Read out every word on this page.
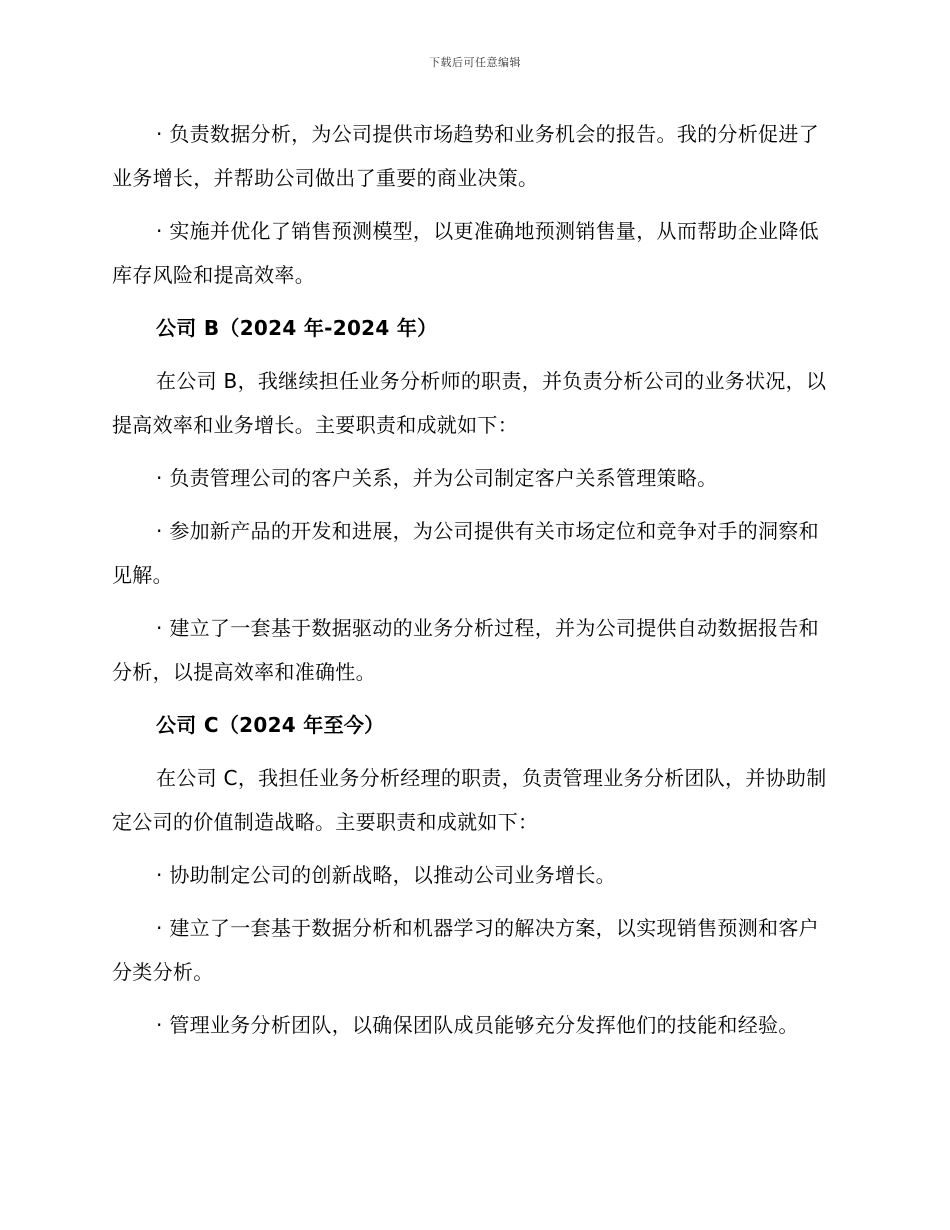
下载后可任意编辑

· 负责数据分析，为公司提供市场趋势和业务机会的报告。我的分析促进了业务增长，并帮助公司做出了重要的商业决策。

· 实施并优化了销售预测模型，以更准确地预测销售量，从而帮助企业降低库存风险和提高效率。

公司 B（2024 年-2024 年）

在公司 B，我继续担任业务分析师的职责，并负责分析公司的业务状况，以提高效率和业务增长。主要职责和成就如下：

· 负责管理公司的客户关系，并为公司制定客户关系管理策略。

· 参加新产品的开发和进展，为公司提供有关市场定位和竞争对手的洞察和见解。

· 建立了一套基于数据驱动的业务分析过程，并为公司提供自动数据报告和分析，以提高效率和准确性。

公司 C（2024 年至今）

在公司 C，我担任业务分析经理的职责，负责管理业务分析团队，并协助制定公司的价值制造战略。主要职责和成就如下：

· 协助制定公司的创新战略，以推动公司业务增长。

· 建立了一套基于数据分析和机器学习的解决方案，以实现销售预测和客户分类分析。

· 管理业务分析团队，以确保团队成员能够充分发挥他们的技能和经验。
